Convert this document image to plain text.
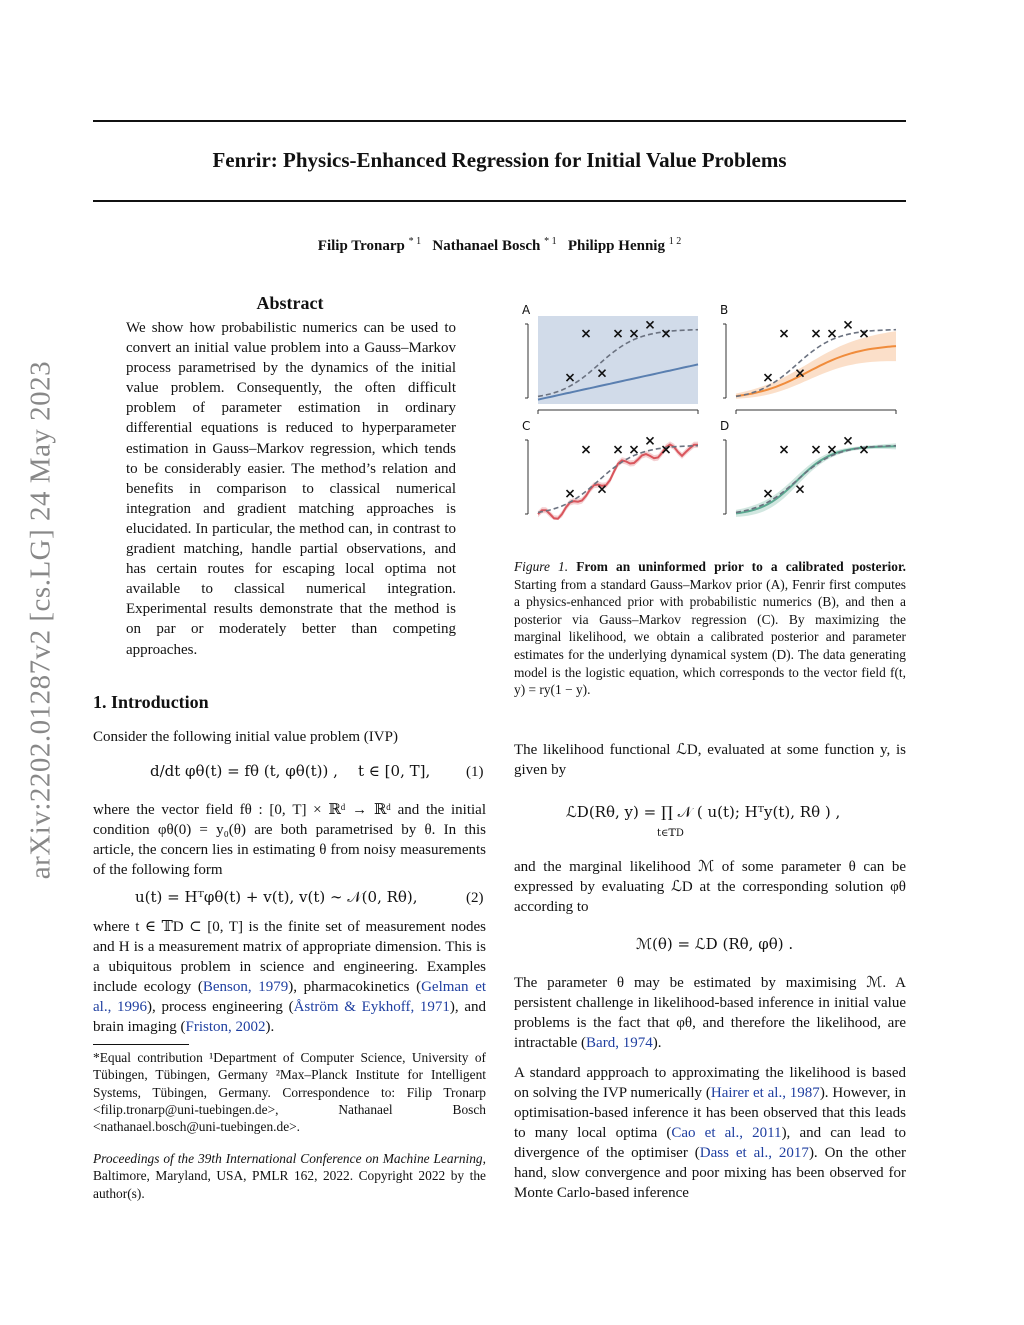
arXiv:2202.01287v2 [cs.LG] 24 May 2023
Fenrir: Physics-Enhanced Regression for Initial Value Problems
Filip Tronarp $^{* 1}$ Nathanael Bosch $^{* 1}$ Philipp Hennig $^{1 2}$
Abstract
We show how probabilistic numerics can be used to convert an initial value problem into a Gauss–Markov process parametrised by the dynamics of the initial value problem. Consequently, the often difficult problem of parameter estimation in ordinary differential equations is reduced to hyperparameter estimation in Gauss–Markov regression, which tends to be considerably easier. The method’s relation and benefits in comparison to classical numerical integration and gradient matching approaches is elucidated. In particular, the method can, in contrast to gradient matching, handle partial observations, and has certain routes for escaping local optima not available to classical numerical integration. Experimental results demonstrate that the method is on par or moderately better than competing approaches.
1. Introduction
Consider the following initial value problem (IVP)
d/dt φθ(t) = fθ (t, φθ(t)) , t ∈ [0, T], (1)
where the vector field fθ : [0, T] × ℝᵈ → ℝᵈ and the initial condition φθ(0) = y₀(θ) are both parametrised by θ. In this article, the concern lies in estimating θ from noisy measurements of the following form
u(t) = Hᵀφθ(t) + v(t), v(t) ∼ 𝒩(0, Rθ),	(2)
where t ∈ 𝕋D ⊂ [0, T] is the finite set of measurement nodes and H is a measurement matrix of appropriate dimension. This is a ubiquitous problem in science and engineering. Examples include ecology (Benson, 1979), pharmacokinetics (Gelman et al., 1996), process engineering (Åström & Eykhoff, 1971), and brain imaging (Friston, 2002).
*Equal contribution ¹Department of Computer Science, University of Tübingen, Tübingen, Germany ²Max–Planck Institute for Intelligent Systems, Tübingen, Germany. Correspondence to: Filip Tronarp <filip.tronarp@uni-tuebingen.de>, Nathanael Bosch <nathanael.bosch@uni-tuebingen.de>.
Proceedings of the 39th International Conference on Machine Learning, Baltimore, Maryland, USA, PMLR 162, 2022. Copyright 2022 by the author(s).
A	B
C	D
Figure 1. From an uninformed prior to a calibrated posterior. Starting from a standard Gauss–Markov prior (A), Fenrir first computes a physics-enhanced prior with probabilistic numerics (B), and then a posterior via Gauss–Markov regression (C). By maximizing the marginal likelihood, we obtain a calibrated posterior and parameter estimates for the underlying dynamical system (D). The data generating model is the logistic equation, which corresponds to the vector field f(t, y) = ry(1 − y).
The likelihood functional ℒD, evaluated at some function y, is given by
ℒD(Rθ, y) = ∏ 𝒩 ( u(t); Hᵀy(t), Rθ ) ,
t∈𝕋D
and the marginal likelihood ℳ of some parameter θ can be expressed by evaluating ℒD at the corresponding solution φθ according to
ℳ(θ) = ℒD (Rθ, φθ) .
The parameter θ may be estimated by maximising ℳ. A persistent challenge in likelihood-based inference in initial value problems is the fact that φθ, and therefore the likelihood, are intractable (Bard, 1974).
A standard appproach to approximating the likelihood is based on solving the IVP numerically (Hairer et al., 1987). However, in optimisation-based inference it has been observed that this leads to many local optima (Cao et al., 2011), and can lead to divergence of the optimiser (Dass et al., 2017). On the other hand, slow convergence and poor mixing has been observed for Monte Carlo-based inference
